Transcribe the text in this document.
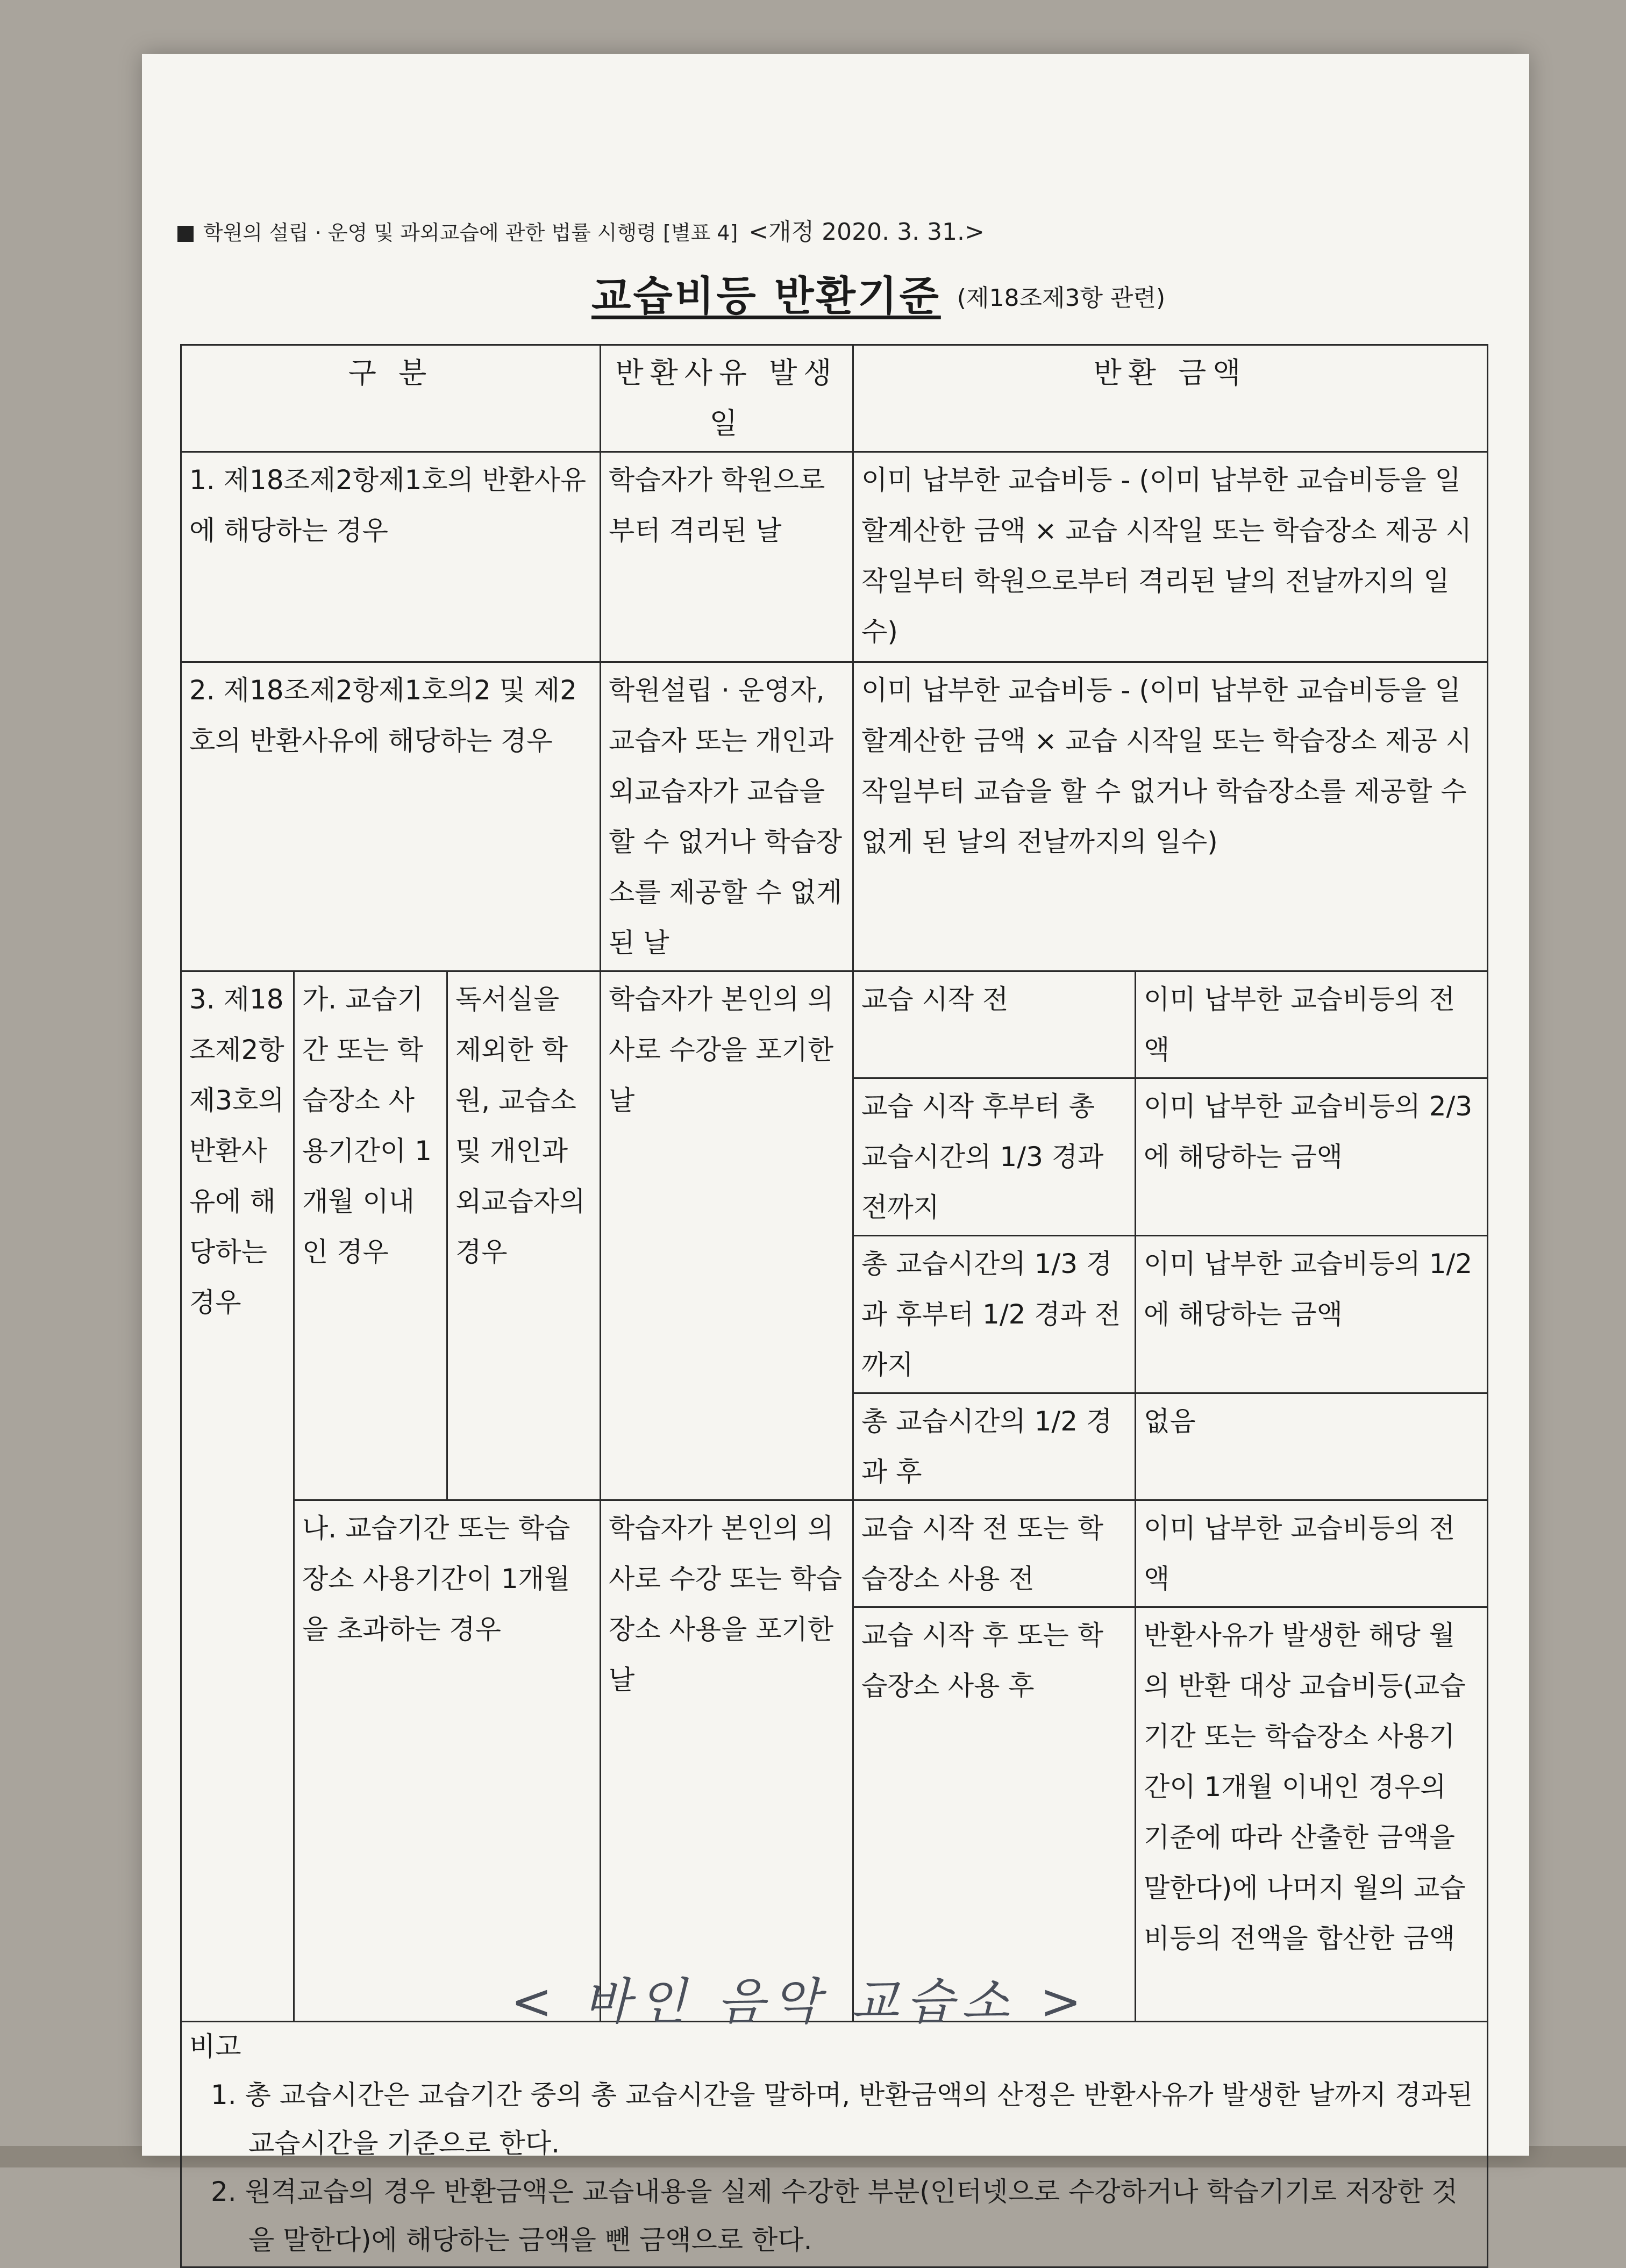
학원의 설립 · 운영 및 과외교습에 관한 법률 시행령 [별표 4] <개정 2020. 3. 31.>
교습비등 반환기준 (제18조제3항 관련)
구 분			반환사유 발생일	반환 금액	
1. 제18조제2항제1호의 반환사유에 해당하는 경우			학습자가 학원으로부터 격리된 날	이미 납부한 교습비등 - (이미 납부한 교습비등을 일할계산한 금액 × 교습 시작일 또는 학습장소 제공 시작일부터 학원으로부터 격리된 날의 전날까지의 일수)	
2. 제18조제2항제1호의2 및 제2호의 반환사유에 해당하는 경우			학원설립 · 운영자, 교습자 또는 개인과외교습자가 교습을 할 수 없거나 학습장소를 제공할 수 없게 된 날	이미 납부한 교습비등 - (이미 납부한 교습비등을 일할계산한 금액 × 교습 시작일 또는 학습장소 제공 시작일부터 교습을 할 수 없거나 학습장소를 제공할 수 없게 된 날의 전날까지의 일수)	
3. 제18조제2항제3호의 반환사유에 해당하는 경우	가. 교습기간 또는 학습장소 사용기간이 1개월 이내인 경우	독서실을 제외한 학원, 교습소 및 개인과외교습자의 경우	학습자가 본인의 의사로 수강을 포기한 날	교습 시작 전	이미 납부한 교습비등의 전액
				교습 시작 후부터 총 교습시간의 1/3 경과 전까지	이미 납부한 교습비등의 2/3에 해당하는 금액
				총 교습시간의 1/3 경과 후부터 1/2 경과 전까지	이미 납부한 교습비등의 1/2에 해당하는 금액
				총 교습시간의 1/2 경과 후	없음
	나. 교습기간 또는 학습장소 사용기간이 1개월을 초과하는 경우		학습자가 본인의 의사로 수강 또는 학습장소 사용을 포기한 날	교습 시작 전 또는 학습장소 사용 전	이미 납부한 교습비등의 전액
				교습 시작 후 또는 학습장소 사용 후	반환사유가 발생한 해당 월의 반환 대상 교습비등(교습기간 또는 학습장소 사용기간이 1개월 이내인 경우의 기준에 따라 산출한 금액을 말한다)에 나머지 월의 교습비등의 전액을 합산한 금액

비고

1. 총 교습시간은 교습기간 중의 총 교습시간을 말하며, 반환금액의 산정은 반환사유가 발생한 날까지 경과된 교습시간을 기준으로 한다.

2. 원격교습의 경우 반환금액은 교습내용을 실제 수강한 부분(인터넷으로 수강하거나 학습기기로 저장한 것을 말한다)에 해당하는 금액을 뺀 금액으로 한다.					

< 바인 음악 교습소 >
